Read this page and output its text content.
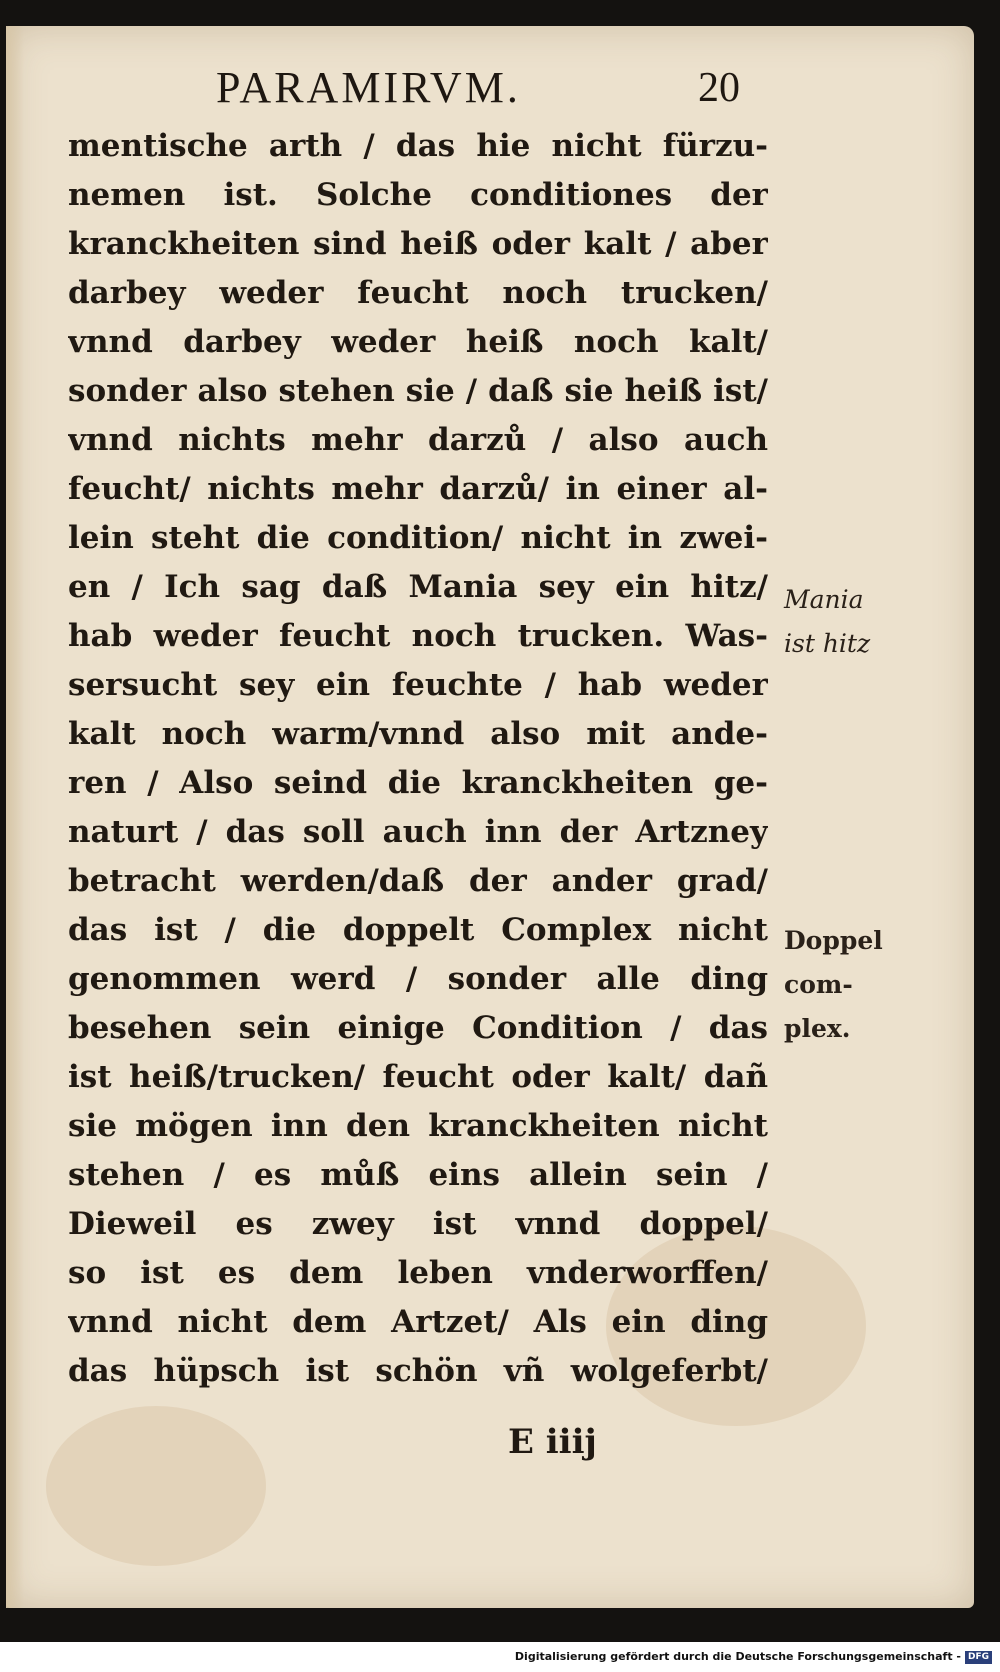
PARAMIRVM.	20
mentische arth / das hie nicht fürzu-
nemen ist. Solche conditiones der
kranckheiten sind heiß oder kalt / aber
darbey weder feucht noch trucken/
vnnd darbey weder heiß noch kalt/
sonder also stehen sie / daß sie heiß ist/
vnnd nichts mehr darzů / also auch
feucht/ nichts mehr darzů/ in einer al-
lein steht die condition/ nicht in zwei-
en / Ich sag daß Mania sey ein hitz/
hab weder feucht noch trucken. Was-
sersucht sey ein feuchte / hab weder
kalt noch warm/vnnd also mit ande-
ren / Also seind die kranckheiten ge-
naturt / das soll auch inn der Artzney
betracht werden/daß der ander grad/
das ist / die doppelt Complex nicht
genommen werd / sonder alle ding
besehen sein einige Condition / das
ist heiß/trucken/ feucht oder kalt/ dañ
sie mögen inn den kranckheiten nicht
stehen / es můß eins allein sein /
Dieweil es zwey ist vnnd doppel/
so ist es dem leben vnderworffen/
vnnd nicht dem Artzet/ Als ein ding
das hüpsch ist schön vñ wolgeferbt/
Mania
ist hitz
Doppel
com-
plex.
E iiij
Digitalisierung gefördert durch die Deutsche Forschungsgemeinschaft - DFG
